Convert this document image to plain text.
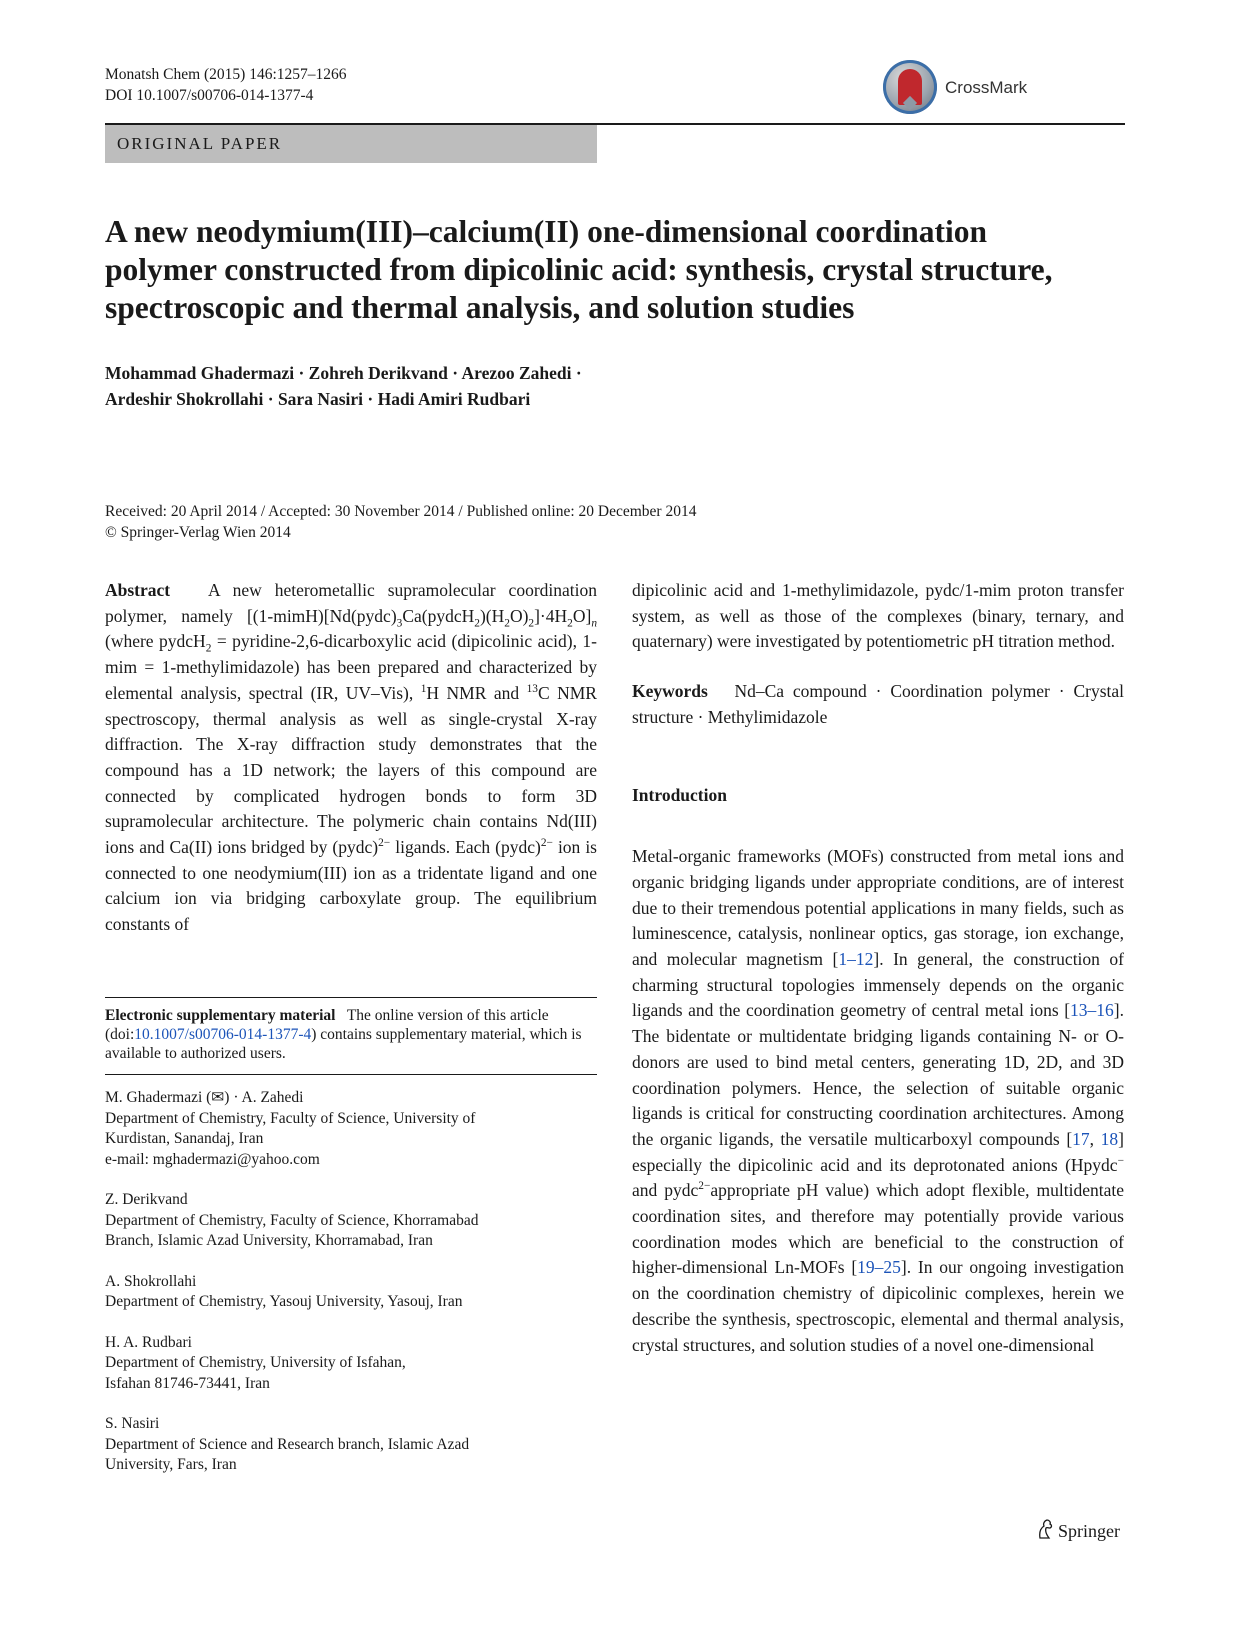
Monatsh Chem (2015) 146:1257–1266
DOI 10.1007/s00706-014-1377-4	CrossMark
ORIGINAL PAPER
A new neodymium(III)–calcium(II) one-dimensional coordination polymer constructed from dipicolinic acid: synthesis, crystal structure, spectroscopic and thermal analysis, and solution studies
Mohammad Ghadermazi · Zohreh Derikvand · Arezoo Zahedi ·
Ardeshir Shokrollahi · Sara Nasiri · Hadi Amiri Rudbari
Received: 20 April 2014 / Accepted: 30 November 2014 / Published online: 20 December 2014
© Springer-Verlag Wien 2014

Abstract A new heterometallic supramolecular coordination polymer, namely $[(1-mimH)[Nd(pydc)_3Ca(pydcH_2)(H_2O)_2]\cdot 4H_2O]_n$ (where pydcH$_2$ = pyridine-2,6-dicarboxylic acid (dipicolinic acid), 1-mim = 1-methylimidazole) has been prepared and characterized by elemental analysis, spectral (IR, UV–Vis), $^1$H NMR and $^{13}$C NMR spectroscopy, thermal analysis as well as single-crystal X-ray diffraction. The X-ray diffraction study demonstrates that the compound has a 1D network; the layers of this compound are connected by complicated hydrogen bonds to form 3D supramolecular architecture. The polymeric chain contains Nd(III) ions and Ca(II) ions bridged by (pydc)$^{2-}$ ligands. Each (pydc)$^{2-}$ ion is connected to one neodymium(III) ion as a tridentate ligand and one calcium ion via bridging carboxylate group. The equilibrium constants of

Electronic supplementary material The online version of this article (doi:10.1007/s00706-014-1377-4) contains supplementary material, which is available to authorized users.
M. Ghadermazi (✉) · A. Zahedi
Department of Chemistry, Faculty of Science, University of
Kurdistan, Sanandaj, Iran
e-mail: mghadermazi@yahoo.com
Z. Derikvand
Department of Chemistry, Faculty of Science, Khorramabad
Branch, Islamic Azad University, Khorramabad, Iran
A. Shokrollahi
Department of Chemistry, Yasouj University, Yasouj, Iran
H. A. Rudbari
Department of Chemistry, University of Isfahan,
Isfahan 81746-73441, Iran
S. Nasiri
Department of Science and Research branch, Islamic Azad
University, Fars, Iran

dipicolinic acid and 1-methylimidazole, pydc/1-mim proton transfer system, as well as those of the complexes (binary, ternary, and quaternary) were investigated by potentiometric pH titration method.

Keywords Nd–Ca compound · Coordination polymer · Crystal structure · Methylimidazole

Introduction

Metal-organic frameworks (MOFs) constructed from metal ions and organic bridging ligands under appropriate conditions, are of interest due to their tremendous potential applications in many fields, such as luminescence, catalysis, nonlinear optics, gas storage, ion exchange, and molecular magnetism [1–12]. In general, the construction of charming structural topologies immensely depends on the organic ligands and the coordination geometry of central metal ions [13–16]. The bidentate or multidentate bridging ligands containing N- or O-donors are used to bind metal centers, generating 1D, 2D, and 3D coordination polymers. Hence, the selection of suitable organic ligands is critical for constructing coordination architectures. Among the organic ligands, the versatile multicarboxyl compounds [17, 18] especially the dipicolinic acid and its deprotonated anions (Hpydc− and pydc$^{2-}$appropriate pH value) which adopt flexible, multidentate coordination sites, and therefore may potentially provide various coordination modes which are beneficial to the construction of higher-dimensional Ln-MOFs [19–25]. In our ongoing investigation on the coordination chemistry of dipicolinic complexes, herein we describe the synthesis, spectroscopic, elemental and thermal analysis, crystal structures, and solution studies of a novel one-dimensional

Springer
